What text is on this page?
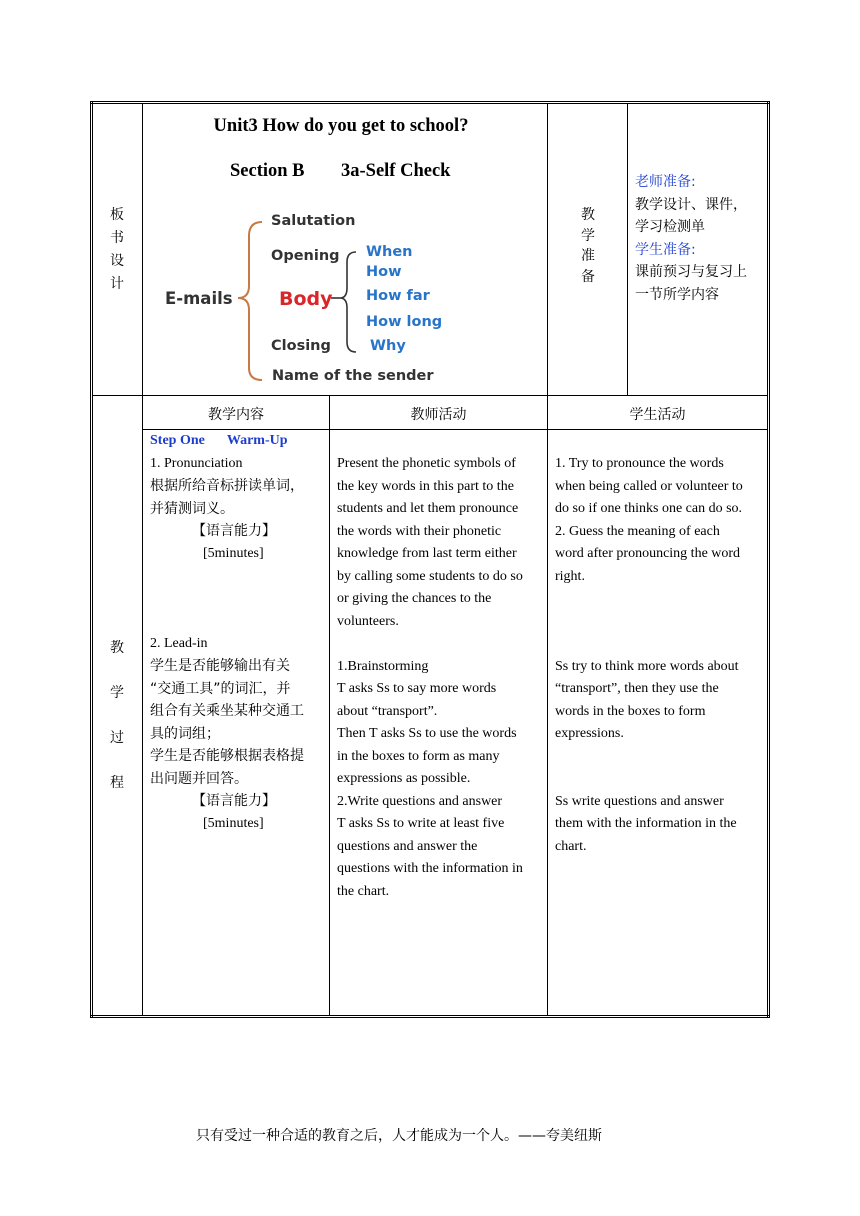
板
书
设
计
Unit3 How do you get to school?
Section B 3a-Self Check
E-mails
Salutation
Opening
Body
Closing
Name of the sender
When
How
How far
How long
Why
教
学
准
备
老师准备:
教学设计、课件，
学习检测单
学生准备:
课前预习与复习上
一节所学内容
教
学
过
程
教学内容	教师活动	学生活动
Step One Warm-Up
1. Pronunciation
根据所给音标拼读单词，
并猜测词义。
【语言能力】
[5minutes]
2. Lead-in
学生是否能够输出有关
“交通工具”的词汇，并
组合有关乘坐某种交通工
具的词组；
学生是否能够根据表格提
出问题并回答。
【语言能力】
[5minutes]
Present the phonetic symbols of
the key words in this part to the
students and let them pronounce
the words with their phonetic
knowledge from last term either
by calling some students to do so
or giving the chances to the
volunteers.
1.Brainstorming
T asks Ss to say more words
about “transport”.
Then T asks Ss to use the words
in the boxes to form as many
expressions as possible.
2.Write questions and answer
T asks Ss to write at least five
questions and answer the
questions with the information in
the chart.
1. Try to pronounce the words
when being called or volunteer to
do so if one thinks one can do so.
2. Guess the meaning of each
word after pronouncing the word
right.
Ss try to think more words about
“transport”, then they use the
words in the boxes to form
expressions.
Ss write questions and answer
them with the information in the
chart.
只有受过一种合适的教育之后，人才能成为一个人。——夸美纽斯
